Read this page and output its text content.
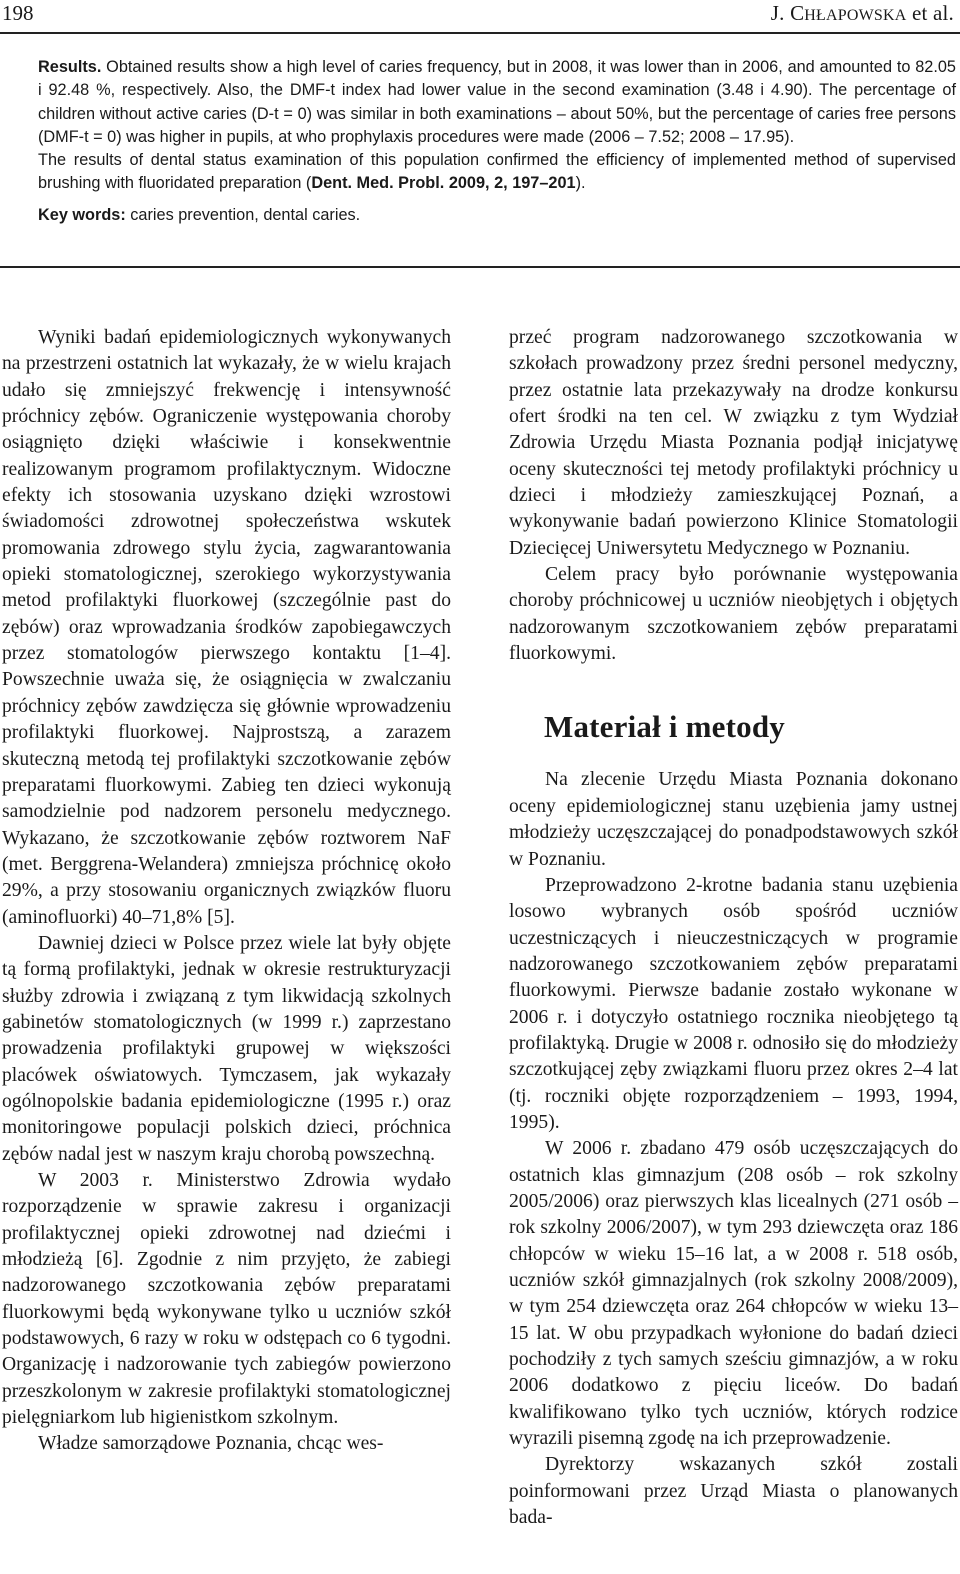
198	J. CHŁAPOWSKA et al.

Results. Obtained results show a high level of caries frequency, but in 2008, it was lower than in 2006, and amounted to 82.05 i 92.48 %, respectively. Also, the DMF-t index had lower value in the second examination (3.48 i 4.90). The percentage of children without active caries (D-t = 0) was similar in both examinations – about 50%, but the percentage of caries free persons (DMF-t = 0) was higher in pupils, at who prophylaxis procedures were made (2006 – 7.52; 2008 – 17.95).

The results of dental status examination of this population confirmed the efficiency of implemented method of supervised brushing with fluoridated preparation (Dent. Med. Probl. 2009, 2, 197–201).

Key words: caries prevention, dental caries.

Wyniki badań epidemiologicznych wykonywanych na przestrzeni ostatnich lat wykazały, że w wielu krajach udało się zmniejszyć frekwencję i intensywność próchnicy zębów. Ograniczenie występowania choroby osiągnięto dzięki właściwie i konsekwentnie realizowanym programom profilaktycznym. Widoczne efekty ich stosowania uzyskano dzięki wzrostowi świadomości zdrowotnej społeczeństwa wskutek promowania zdrowego stylu życia, zagwarantowania opieki stomatologicznej, szerokiego wykorzystywania metod profilaktyki fluorkowej (szczególnie past do zębów) oraz wprowadzania środków zapobiegawczych przez stomatologów pierwszego kontaktu [1–4]. Powszechnie uważa się, że osiągnięcia w zwalczaniu próchnicy zębów zawdzięcza się głównie wprowadzeniu profilaktyki fluorkowej. Najprostszą, a zarazem skuteczną metodą tej profilaktyki szczotkowanie zębów preparatami fluorkowymi. Zabieg ten dzieci wykonują samodzielnie pod nadzorem personelu medycznego. Wykazano, że szczotkowanie zębów roztworem NaF (met. Berggrena-Welandera) zmniejsza próchnicę około 29%, a przy stosowaniu organicznych związków fluoru (aminofluorki) 40–71,8% [5].

Dawniej dzieci w Polsce przez wiele lat były objęte tą formą profilaktyki, jednak w okresie restrukturyzacji służby zdrowia i związaną z tym likwidacją szkolnych gabinetów stomatologicznych (w 1999 r.) zaprzestano prowadzenia profilaktyki grupowej w większości placówek oświatowych. Tymczasem, jak wykazały ogólnopolskie badania epidemiologiczne (1995 r.) oraz monitoringowe populacji polskich dzieci, próchnica zębów nadal jest w naszym kraju chorobą powszechną.

W 2003 r. Ministerstwo Zdrowia wydało rozporządzenie w sprawie zakresu i organizacji profilaktycznej opieki zdrowotnej nad dziećmi i młodzieżą [6]. Zgodnie z nim przyjęto, że zabiegi nadzorowanego szczotkowania zębów preparatami fluorkowymi będą wykonywane tylko u uczniów szkół podstawowych, 6 razy w roku w odstępach co 6 tygodni. Organizację i nadzorowanie tych zabiegów powierzono przeszkolonym w zakresie profilaktyki stomatologicznej pielęgniarkom lub higienistkom szkolnym.

Władze samorządowe Poznania, chcąc wes-

przeć program nadzorowanego szczotkowania w szkołach prowadzony przez średni personel medyczny, przez ostatnie lata przekazywały na drodze konkursu ofert środki na ten cel. W związku z tym Wydział Zdrowia Urzędu Miasta Poznania podjął inicjatywę oceny skuteczności tej metody profilaktyki próchnicy u dzieci i młodzieży zamieszkującej Poznań, a wykonywanie badań powierzono Klinice Stomatologii Dziecięcej Uniwersytetu Medycznego w Poznaniu.

Celem pracy było porównanie występowania choroby próchnicowej u uczniów nieobjętych i objętych nadzorowanym szczotkowaniem zębów preparatami fluorkowymi.

Materiał i metody

Na zlecenie Urzędu Miasta Poznania dokonano oceny epidemiologicznej stanu uzębienia jamy ustnej młodzieży uczęszczającej do ponadpodstawowych szkół w Poznaniu.

Przeprowadzono 2-krotne badania stanu uzębienia losowo wybranych osób spośród uczniów uczestniczących i nieuczestniczących w programie nadzorowanego szczotkowaniem zębów preparatami fluorkowymi. Pierwsze badanie zostało wykonane w 2006 r. i dotyczyło ostatniego rocznika nieobjętego tą profilaktyką. Drugie w 2008 r. odnosiło się do młodzieży szczotkującej zęby związkami fluoru przez okres 2–4 lat (tj. roczniki objęte rozporządzeniem – 1993, 1994, 1995).

W 2006 r. zbadano 479 osób uczęszczających do ostatnich klas gimnazjum (208 osób – rok szkolny 2005/2006) oraz pierwszych klas licealnych (271 osób – rok szkolny 2006/2007), w tym 293 dziewczęta oraz 186 chłopców w wieku 15–16 lat, a w 2008 r. 518 osób, uczniów szkół gimnazjalnych (rok szkolny 2008/2009), w tym 254 dziewczęta oraz 264 chłopców w wieku 13–15 lat. W obu przypadkach wyłonione do badań dzieci pochodziły z tych samych sześciu gimnazjów, a w roku 2006 dodatkowo z pięciu liceów. Do badań kwalifikowano tylko tych uczniów, których rodzice wyrazili pisemną zgodę na ich przeprowadzenie.

Dyrektorzy wskazanych szkół zostali poinformowani przez Urząd Miasta o planowanych bada-
